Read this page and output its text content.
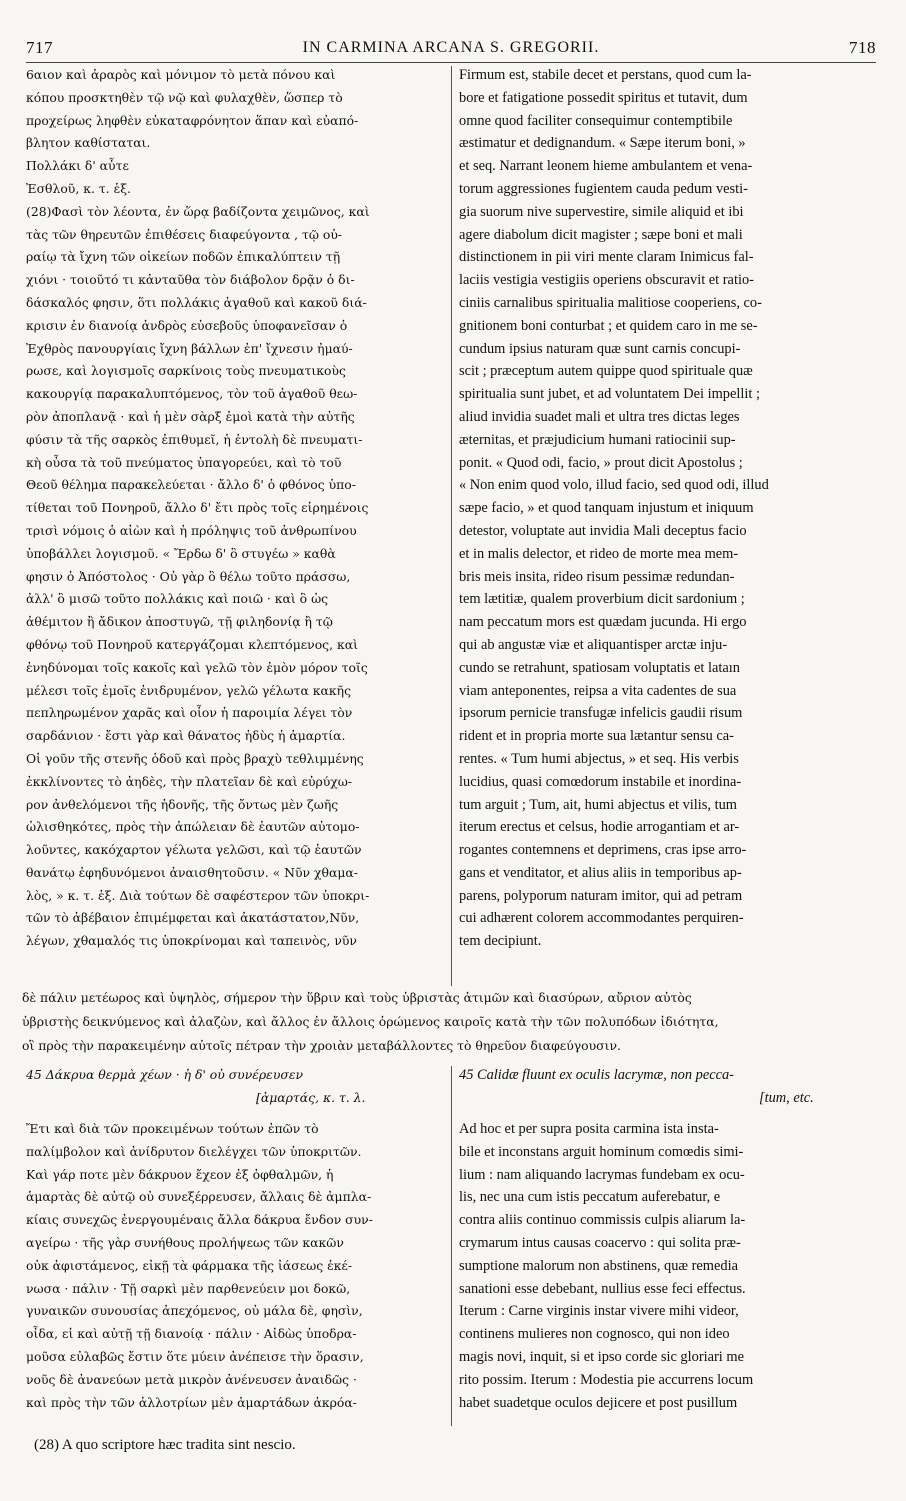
717	IN CARMINA ARCANA S. GREGORII.	718
6αιον καὶ ἀραρὸς καὶ μόνιμον τὸ μετὰ πόνου καὶ
κόπου προσκτηθὲν τῷ νῷ καὶ φυλαχθὲν, ὥσπερ τὸ
προχείρως ληφθὲν εὐκαταφρόνητον ἅπαν καὶ εὐαπό-
βλητον καθίσταται.
Πολλάκι δ' αὖτε
Ἐσθλοῦ, κ. τ. ἑξ.
(28)Φασὶ τὸν λέοντα, ἐν ὥρᾳ βαδίζοντα χειμῶνος, καὶ
τὰς τῶν θηρευτῶν ἐπιθέσεις διαφεύγοντα , τῷ οὐ-
ραίῳ τὰ ἴχνη τῶν οἰκείων ποδῶν ἐπικαλύπτειν τῇ
χιόνι · τοιοῦτό τι κἀνταῦθα τὸν διάβολον δρᾷν ὁ δι-
δάσκαλός φησιν, ὅτι πολλάκις ἀγαθοῦ καὶ κακοῦ διά-
κρισιν ἐν διανοίᾳ ἀνδρὸς εὐσεβοῦς ὑποφανεῖσαν ὁ
Ἐχθρὸς πανουργίαις ἴχνη βάλλων ἐπ' ἴχνεσιν ἠμαύ-
ρωσε, καὶ λογισμοῖς σαρκίνοις τοὺς πνευματικοὺς
κακουργίᾳ παρακαλυπτόμενος, τὸν τοῦ ἀγαθοῦ θεω-
ρὸν ἀποπλανᾷ · καὶ ἡ μὲν σὰρξ ἐμοὶ κατὰ τὴν αὐτῆς
φύσιν τὰ τῆς σαρκὸς ἐπιθυμεῖ, ἡ ἐντολὴ δὲ πνευματι-
κὴ οὖσα τὰ τοῦ πνεύματος ὑπαγορεύει, καὶ τὸ τοῦ
Θεοῦ θέλημα παρακελεύεται · ἄλλο δ' ὁ φθόνος ὑπο-
τίθεται τοῦ Πονηροῦ, ἄλλο δ' ἔτι πρὸς τοῖς εἰρημένοις
τρισὶ νόμοις ὁ αἰὼν καὶ ἡ πρόληψις τοῦ ἀνθρωπίνου
ὑποβάλλει λογισμοῦ. « Ἔρδω δ' ὃ στυγέω » καθὰ
φησιν ὁ Ἀπόστολος · Οὐ γὰρ ὃ θέλω τοῦτο πράσσω,
ἀλλ' ὃ μισῶ τοῦτο πολλάκις καὶ ποιῶ · καὶ ὃ ὡς
ἀθέμιτον ἢ ἄδικον ἀποστυγῶ, τῇ φιληδονίᾳ ἢ τῷ
φθόνῳ τοῦ Πονηροῦ κατεργάζομαι κλεπτόμενος, καὶ
ἐνηδύνομαι τοῖς κακοῖς καὶ γελῶ τὸν ἐμὸν μόρον τοῖς
μέλεσι τοῖς ἐμοῖς ἐνιδρυμένον, γελῶ γέλωτα κακῆς
πεπληρωμένον χαρᾶς καὶ οἷον ἡ παροιμία λέγει τὸν
σαρδάνιον · ἔστι γὰρ καὶ θάνατος ἡδὺς ἡ ἁμαρτία.
Οἱ γοῦν τῆς στενῆς ὁδοῦ καὶ πρὸς βραχὺ τεθλιμμένης
ἐκκλίνοντες τὸ ἀηδὲς, τὴν πλατεῖαν δὲ καὶ εὐρύχω-
ρον ἀνθελόμενοι τῆς ἡδονῆς, τῆς ὄντως μὲν ζωῆς
ὠλισθηκότες, πρὸς τὴν ἀπώλειαν δὲ ἑαυτῶν αὐτομο-
λοῦντες, κακόχαρτον γέλωτα γελῶσι, καὶ τῷ ἑαυτῶν
θανάτῳ ἐφηδυνόμενοι ἀναισθητοῦσιν. « Νῦν χθαμα-
λὸς, » κ. τ. ἑξ. Διὰ τούτων δὲ σαφέστερον τῶν ὑποκρι-
τῶν τὸ ἀβέβαιον ἐπιμέμφεται καὶ ἀκατάστατον,Νῦν,
λέγων, χθαμαλός τις ὑποκρίνομαι καὶ ταπεινὸς, νῦν
Firmum est, stabile decet et perstans, quod cum la-
bore et fatigatione possedit spiritus et tutavit, dum
omne quod faciliter consequimur contemptibile
æstimatur et dedignandum. « Sæpe iterum boni, »
et seq. Narrant leonem hieme ambulantem et vena-
torum aggressiones fugientem cauda pedum vesti-
gia suorum nive supervestire, simile aliquid et ibi
agere diabolum dicit magister ; sæpe boni et mali
distinctionem in pii viri mente claram Inimicus fal-
laciis vestigia vestigiis operiens obscuravit et ratio-
ciniis carnalibus spiritualia malitiose cooperiens, co-
gnitionem boni conturbat ; et quidem caro in me se-
cundum ipsius naturam quæ sunt carnis concupi-
scit ; præceptum autem quippe quod spirituale quæ
spiritualia sunt jubet, et ad voluntatem Dei impellit ;
aliud invidia suadet mali et ultra tres dictas leges
æternitas, et præjudicium humani ratiocinii sup-
ponit. « Quod odi, facio, » prout dicit Apostolus ;
« Non enim quod volo, illud facio, sed quod odi, illud
sæpe facio, » et quod tanquam injustum et iniquum
detestor, voluptate aut invidia Mali deceptus facio
et in malis delector, et rideo de morte mea mem-
bris meis insita, rideo risum pessimæ redundan-
tem lætitiæ, qualem proverbium dicit sardonium ;
nam peccatum mors est quædam jucunda. Hi ergo
qui ab angustæ viæ et aliquantisper arctæ inju-
cundo se retrahunt, spatiosam voluptatis et lataın
viam anteponentes, reipsa a vita cadentes de sua
ipsorum pernicie transfugæ infelicis gaudii risum
rident et in propria morte sua lætantur sensu ca-
rentes. « Tum humi abjectus, » et seq. His verbis
lucidius, quasi comœdorum instabile et inordina-
tum arguit ; Tum, ait, humi abjectus et vilis, tum
iterum erectus et celsus, hodie arrogantiam et ar-
rogantes contemnens et deprimens, cras ipse arro-
gans et venditator, et alius aliis in temporibus ap-
parens, polyporum naturam imitor, qui ad petram
cui adhærent colorem accommodantes perquiren-
tem decipiunt.
δὲ πάλιν μετέωρος καὶ ὑψηλὸς, σήμερον τὴν ὕβριν καὶ τοὺς ὑβριστὰς ἀτιμῶν καὶ διασύρων, αὔριον αὐτὸς
ὑβριστὴς δεικνύμενος καὶ ἀλαζὼν, καὶ ἄλλος ἐν ἄλλοις ὁρώμενος καιροῖς κατὰ τὴν τῶν πολυπόδων ἰδιότητα,
οἳ πρὸς τὴν παρακειμένην αὐτοῖς πέτραν τὴν χροιὰν μεταβάλλοντες τὸ θηρεῦον διαφεύγουσιν.
45 Δάκρυα θερμὰ χέων · ἡ δ' οὐ συνέρευσεν
[ἁμαρτάς, κ. τ. λ.
45 Calidæ fluunt ex oculis lacrymæ, non pecca-
[tum, etc.
Ἔτι καὶ διὰ τῶν προκειμένων τούτων ἐπῶν τὸ
παλίμβολον καὶ ἀνίδρυτον διελέγχει τῶν ὑποκριτῶν.
Καὶ γάρ ποτε μὲν δάκρυον ἔχεον ἐξ ὀφθαλμῶν, ἡ
ἁμαρτὰς δὲ αὐτῷ οὐ συνεξέρρευσεν, ἄλλαις δὲ ἀμπλα-
κίαις συνεχῶς ἐνεργουμέναις ἄλλα δάκρυα ἔνδον συν-
αγείρω · τῆς γὰρ συνήθους προλήψεως τῶν κακῶν
οὐκ ἀφιστάμενος, εἰκῇ τὰ φάρμακα τῆς ἰάσεως ἐκέ-
νωσα · πάλιν · Τῇ σαρκὶ μὲν παρθενεύειν μοι δοκῶ,
γυναικῶν συνουσίας ἀπεχόμενος, οὐ μάλα δὲ, φησὶν,
οἶδα, εἰ καὶ αὐτῇ τῇ διανοίᾳ · πάλιν · Αἰδὼς ὑποδρα-
μοῦσα εὐλαβῶς ἔστιν ὅτε μύειν ἀνέπεισε τὴν ὅρασιν,
νοῦς δὲ ἀνανεύων μετὰ μικρὸν ἀνένευσεν ἀναιδῶς ·
καὶ πρὸς τὴν τῶν ἀλλοτρίων μὲν ἁμαρτάδων ἀκρόα-
Ad hoc et per supra posita carmina ista insta-
bile et inconstans arguit hominum comœdis simi-
lium : nam aliquando lacrymas fundebam ex ocu-
lis, nec una cum istis peccatum auferebatur, e
contra aliis continuo commissis culpis aliarum la-
crymarum intus causas coacervo : qui solita præ-
sumptione malorum non abstinens, quæ remedia
sanationi esse debebant, nullius esse feci effectus.
Iterum : Carne virginis instar vivere mihi videor,
continens mulieres non cognosco, qui non ideo
magis novi, inquit, si et ipso corde sic gloriari me
rito possim. Iterum : Modestia pie accurrens locum
habet suadetque oculos dejicere et post pusillum
(28) A quo scriptore hæc tradita sint nescio.
